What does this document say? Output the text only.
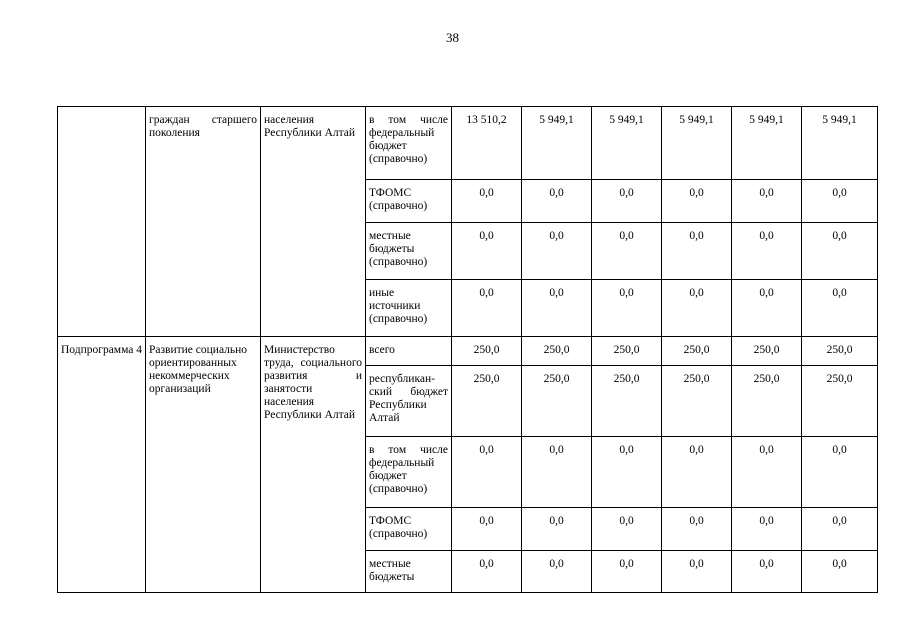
38
	граждан старшего поколения	населения Республики Алтай	в том числе федеральный бюджет (справочно)	13 510,2	5 949,1	5 949,1	5 949,1	5 949,1	5 949,1
			ТФОМС (справочно)	0,0	0,0	0,0	0,0	0,0	0,0
			местные бюджеты (справочно)	0,0	0,0	0,0	0,0	0,0	0,0
			иные источники (справочно)	0,0	0,0	0,0	0,0	0,0	0,0
Подпрограмма 4	Развитие социально ориентированных некоммерческих организаций	Министерство труда, социального развития и занятости населения Республики Алтай	всего	250,0	250,0	250,0	250,0	250,0	250,0
			республикан-ский бюджет Республики Алтай	250,0	250,0	250,0	250,0	250,0	250,0
			в том числе федеральный бюджет (справочно)	0,0	0,0	0,0	0,0	0,0	0,0
			ТФОМС (справочно)	0,0	0,0	0,0	0,0	0,0	0,0
			местные бюджеты	0,0	0,0	0,0	0,0	0,0	0,0
